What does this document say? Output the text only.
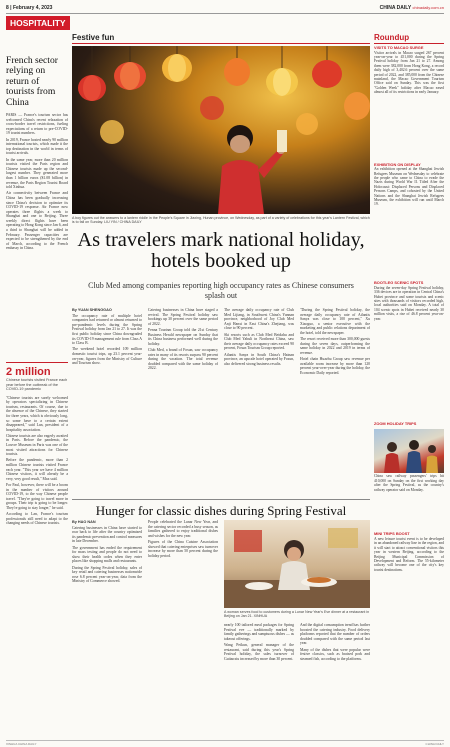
8 | February 4, 2023	CHINA DAILY chinadaily.com.cn
HOSPITALITY
French sector relying on return of tourists from China

PARIS — France's tourism sector has welcomed China's recent relaxation of cross-border travel restrictions, fueling expectations of a return to pre-COVID-19 tourist numbers.

In 2019, France hosted nearly 90 million international tourists, which made it the top destination in the world in terms of tourist arrivals.

In the same year, more than 20 million tourists visited the Paris region and Chinese tourists made up the second-largest number. They generated more than 1 billion euros ($1.08 billion) in revenue, the Paris Region Tourist Board told Xinhua.

Air connectivity between France and China has been gradually increasing since China's decision to optimize its COVID-19 response. Air France now operates three flights a week to Shanghai and one to Beijing. Three weekly direct flights have been operating to Hong Kong since Jan 6, and a third to Shanghai will be added in February. Passenger capacities are expected to be strengthened by the end of March, according to the French embassy in China.

2 million
Chinese tourists visited France each year before the outbreak of the COVID-19 pandemic

"Chinese tourists are surely welcomed by operators specializing in Chinese tourism, restaurants. Of course, due to the absence of the Chinese, they started for three years, which is obviously long, so some have to a certain extent disappeared," said Lan, president of a hospitality association.

Chinese tourists are also eagerly awaited in Paris. Before the pandemic, the Louvre Museum in Paris was one of the most visited attractions for Chinese tourists.

Before the pandemic, more than 2 million Chinese tourists visited France each year. "This year we have 4 million Chinese visitors, it will already be a very, very good result," Max said.

For Paul, however, there will be a boom in the number of visitors around COVID-19, to the way Chinese people travel. "They're going to travel more in groups. Their trip is going to be longer. They're going to stay longer," he said.

According to Lan, France's tourism professionals still need to adapt to the changing needs of Chinese tourists.

Festive fun
A boy figures out the answers to a lantern riddle in the People's Square in Jiaxing, Hunan province, on Wednesday, as part of a variety of celebrations for this year's Lantern Festival, which is to fall on Sunday. LIU YIN / CHINA DAILY
As travelers mark national holiday, hotels booked up
Club Med among companies reporting high occupancy rates as Chinese consumers splash out
By YUAN SHENGGAO

The occupancy rate of multiple hotel companies had returned or almost returned to pre-pandemic levels during the Spring Festival holiday from Jan 21 to 27. It was the first public holiday since China downgraded its COVID-19 management rule from Class A to Class B.

The weekend hotel recorded 109 million domestic tourist trips, up 23.1 percent year-on-year, figures from the Ministry of Culture and Tourism show.

Catering businesses in China have staged a revival. The Spring Festival holiday saw bookings up 30 percent over the same period of 2022.

Fenna Tourism Group told the 21st Century Business Herald newspaper on Sunday that its China business performed well during the holiday.

Club Med, a brand of Fosun, saw occupancy rates in many of its resorts surpass 90 percent during the vacation. The total revenue doubled compared with the same holiday of 2022.

The average daily occupancy rate of Club Med Lijiang, in Southwest China's Yunnan province, neighborhood of Joy Club Med Anji Hanxi in East China's Zhejiang, was close to 90 percent.

Ski resorts such as Club Med Beidahu and Club Med Yabuli in Northeast China, saw their average daily occupancy rates exceed 90 percent, Fosun Tourism Group reported.

Atlantis Sanya in South China's Hainan province, an upscale hotel operated by Fosun, also delivered strong business results.

"During the Spring Festival holiday, the average daily occupancy rate of Atlantis Sanya was close to 100 percent," Xu Xiaoguo, a senior executive with the marketing and public relations department of the hotel, told the newspaper.

The resort received more than 300,000 guests during the seven days, outperforming the same holiday in 2022 and 2019 in terms of revenue.

Hotel chain Huazhu Group saw revenue per available room increase by more than 120 percent year-over-year during the holiday, the Economic Daily reported.

Hunger for classic dishes during Spring Festival
By HAO NAN

Catering businesses in China have started to roar back to life after the country optimized its pandemic prevention and control measures in late December.

The government has ended the requirement for mass testing and people do not need to show their health codes when they enter places like shopping malls and restaurants.

During the Spring Festival holiday, sales of key retail and catering businesses nationwide rose 6.8 percent year-on-year, data from the Ministry of Commerce showed.

People celebrated the Lunar New Year, and the catering sector recorded a busy season, as families gathered to enjoy traditional dishes and wishes for the new year.

Figures of the China Cuisine Association showed that catering enterprises saw turnover increase by more than 50 percent during the holiday period.

A woman serves food to customers during a Lunar New Year's Eve dinner at a restaurant in Beijing on Jan 21. XINHUA

nearly 100 tailored meal packages for Spring Festival eve — traditionally marked by family gatherings and sumptuous dishes — as takeout offerings.

Wang Peikun, general manager of the restaurant, said during this year's Spring Festival holiday, the sales turnover of Guitaoxiu increased by more than 30 percent.

And the digital consumption trend has further boosted the catering industry. Food delivery platforms reported that the number of orders doubled compared with the same period last year.

Many of the dishes that were popular were festive classics, such as braised pork and steamed fish, according to the platforms.

Roundup
VISITS TO MACAO SURGE
Visitor arrivals in Macao surged 267 percent year-on-year to 451,000 during the Spring Festival holiday from Jan 21 to 27. Among them were 382,000 from Hong Kong, a record daily high of 3,402.6 percent over the same period of 2022, and 385,000 from the Chinese mainland, the Macao Government Tourism Office said on Sunday. This was the first "Golden Week" holiday after Macao eased almost all of its restrictions in early January.
EXHIBITION ON DISPLAY
An exhibition opened at the Shanghai Jewish Refugees Museum on Wednesday to celebrate the people who came to China to evade the Nazis during World War II. Titled After the Holocaust: Displaced Persons and Displaced Persons Camps, and cohosted by the United Nations and the Shanghai Jewish Refugees Museum, the exhibition will run until March 19.
BOOTLEG SCENIC SPOTS
During the seven-day Spring Festival holiday, 336 devices are in operation in Central China's Hubei province and some tourists and scenic sites with thousands of visitors recorded high, local authorities said on Monday. A total of 104 scenic spots in Hubei received nearly 30 million visits, a rise of 46.8 percent year-on-year.
ZOOM HOLIDAY TRIPS
China saw railway passengers' trips hit 410,000 on Sunday on the first working day after the Spring Festival, as the country's railway operator said on Monday.
MINI TRIPS BOOST
A new leisure tourist event is to be developed in an abandoned railway line in the region, and it will start to attract conventional visitors this year in western Beijing, according to the Beijing Municipal Commission of Development and Reform. The 55-kilometer railway will become one of the city's key tourist destinations.
XINHUA CHINA DAILY	CHINA DAILY
